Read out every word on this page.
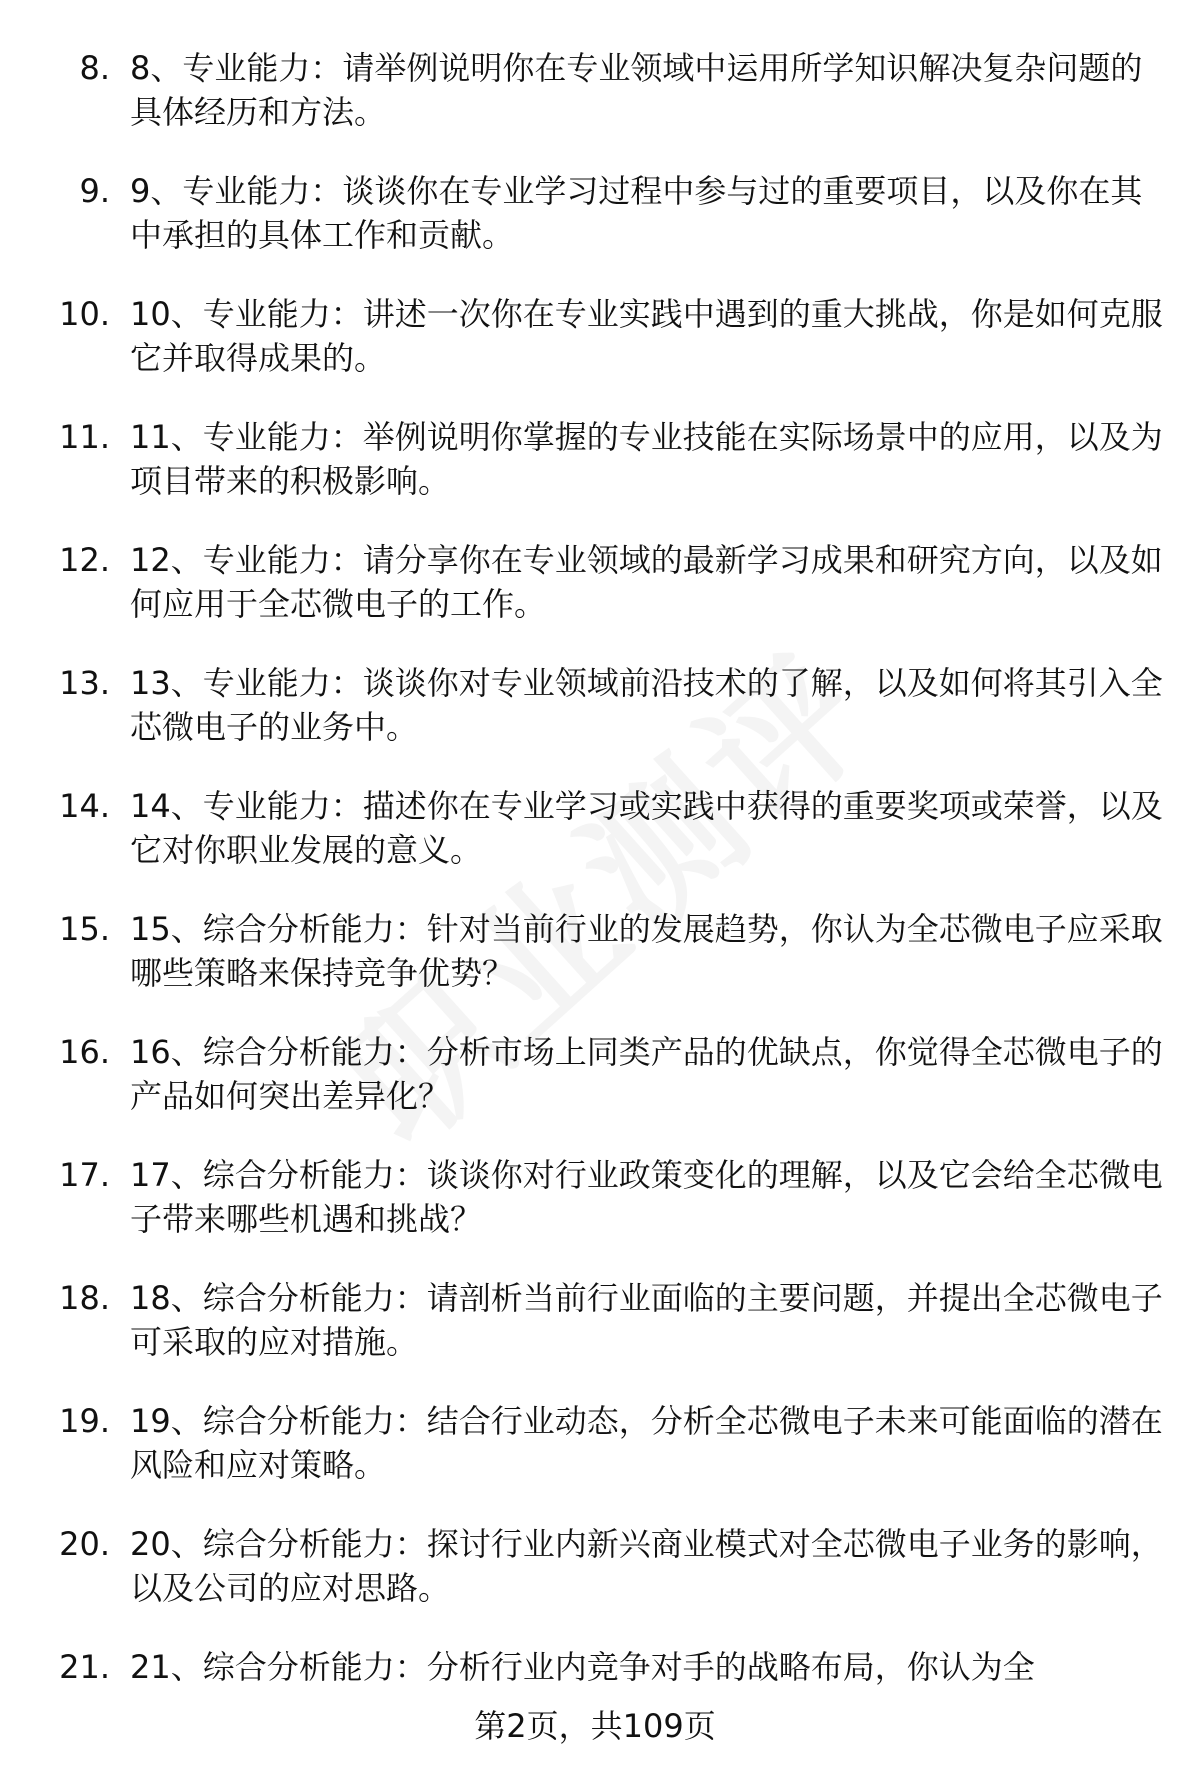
8. 8、专业能力：请举例说明你在专业领域中运用所学知识解决复杂问题的具体经历和方法。
9. 9、专业能力：谈谈你在专业学习过程中参与过的重要项目，以及你在其中承担的具体工作和贡献。
10. 10、专业能力：讲述一次你在专业实践中遇到的重大挑战，你是如何克服它并取得成果的。
11. 11、专业能力：举例说明你掌握的专业技能在实际场景中的应用，以及为项目带来的积极影响。
12. 12、专业能力：请分享你在专业领域的最新学习成果和研究方向，以及如何应用于全芯微电子的工作。
13. 13、专业能力：谈谈你对专业领域前沿技术的了解，以及如何将其引入全芯微电子的业务中。
14. 14、专业能力：描述你在专业学习或实践中获得的重要奖项或荣誉，以及它对你职业发展的意义。
15. 15、综合分析能力：针对当前行业的发展趋势，你认为全芯微电子应采取哪些策略来保持竞争优势？
16. 16、综合分析能力：分析市场上同类产品的优缺点，你觉得全芯微电子的产品如何突出差异化？
17. 17、综合分析能力：谈谈你对行业政策变化的理解，以及它会给全芯微电子带来哪些机遇和挑战？
18. 18、综合分析能力：请剖析当前行业面临的主要问题，并提出全芯微电子可采取的应对措施。
19. 19、综合分析能力：结合行业动态，分析全芯微电子未来可能面临的潜在风险和应对策略。
20. 20、综合分析能力：探讨行业内新兴商业模式对全芯微电子业务的影响，以及公司的应对思路。
21. 21、综合分析能力：分析行业内竞争对手的战略布局，你认为全
第2页，共109页
